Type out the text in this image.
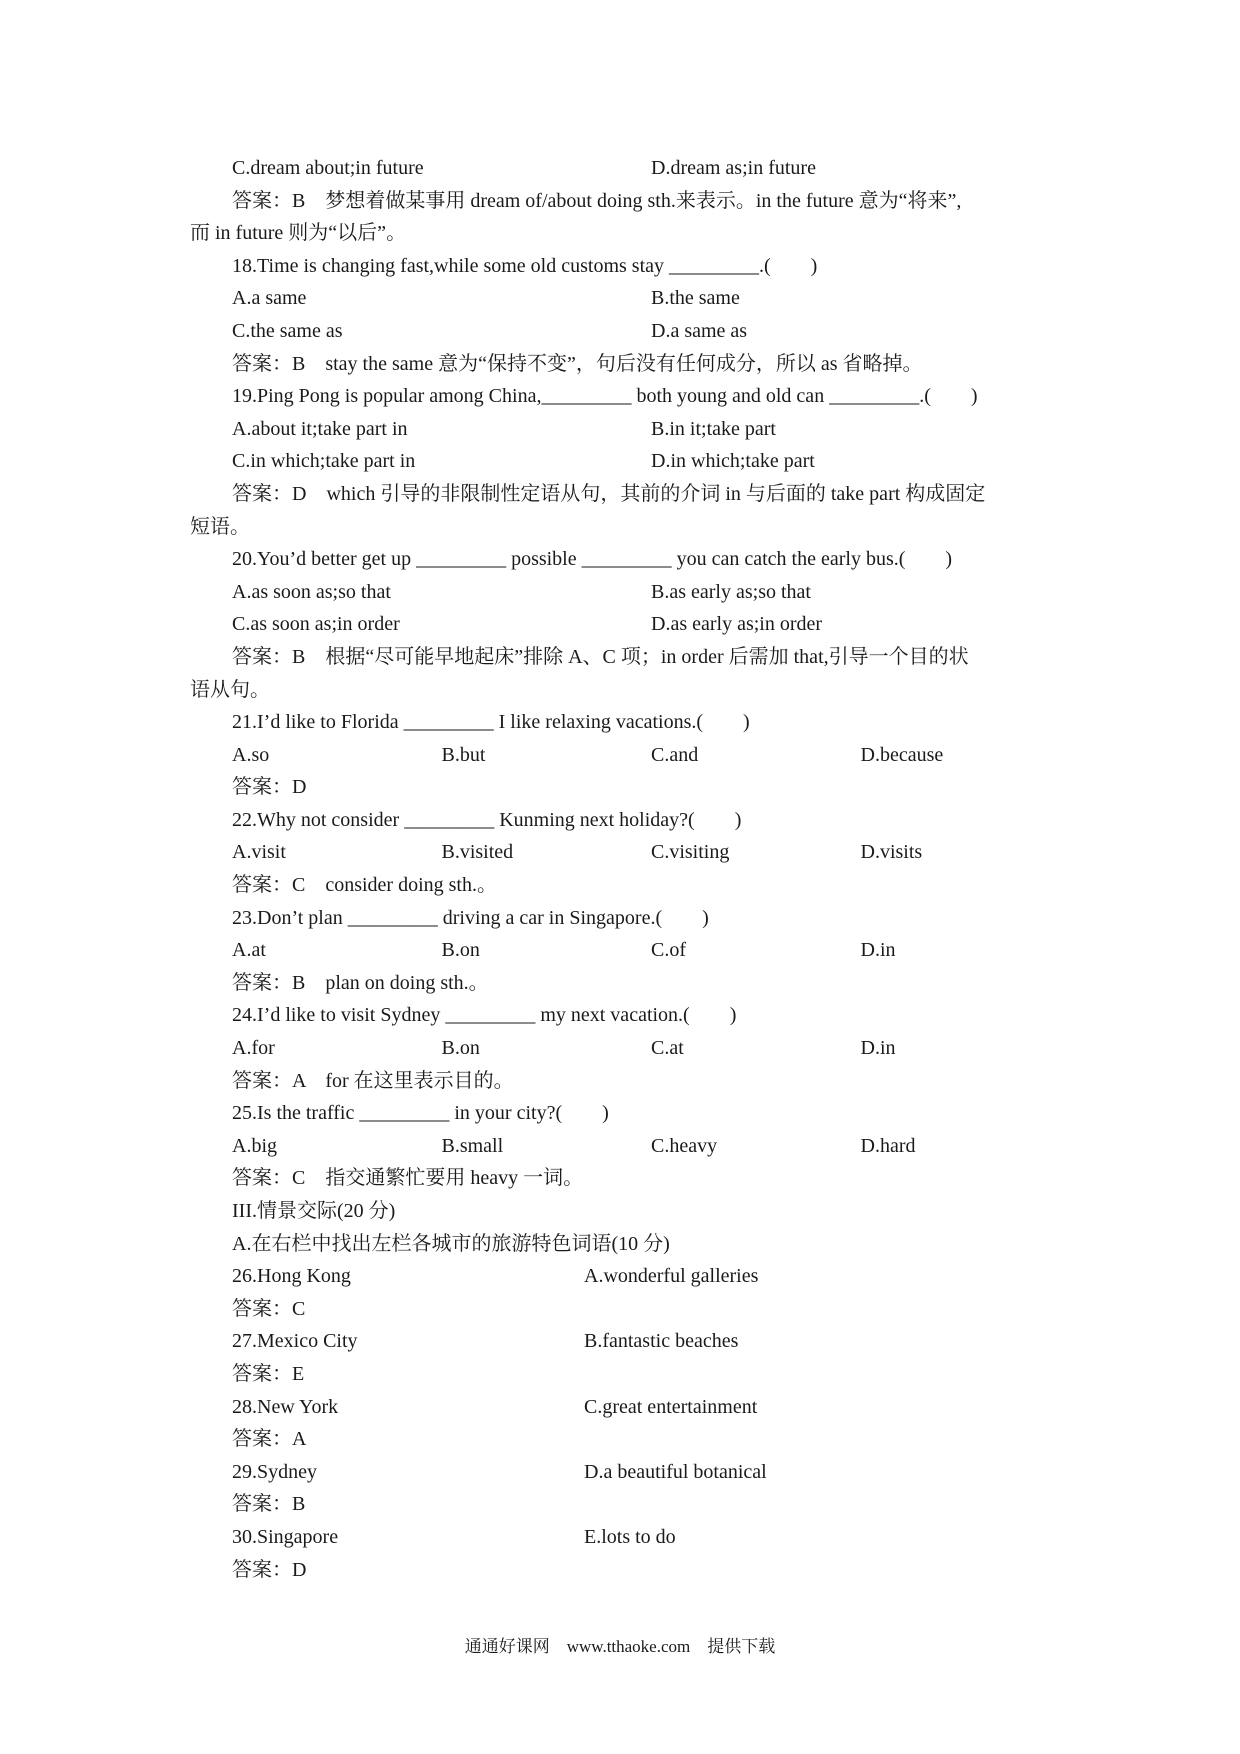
C.dream about;in future	D.dream as;in future
答案：B　梦想着做某事用 dream of/about doing sth.来表示。in the future 意为“将来”,
而 in future 则为“以后”。
18.Time is changing fast,while some old customs stay _________.(　　)
A.a same	B.the same
C.the same as	D.a same as
答案：B　stay the same 意为“保持不变”，句后没有任何成分，所以 as 省略掉。
19.Ping Pong is popular among China,_________ both young and old can _________.(　　)
A.about it;take part in	B.in it;take part
C.in which;take part in	D.in which;take part
答案：D　which 引导的非限制性定语从句，其前的介词 in 与后面的 take part 构成固定
短语。
20.You’d better get up _________ possible _________ you can catch the early bus.(　　)
A.as soon as;so that	B.as early as;so that
C.as soon as;in order	D.as early as;in order
答案：B　根据“尽可能早地起床”排除 A、C 项；in order 后需加 that,引导一个目的状
语从句。
21.I’d like to Florida _________ I like relaxing vacations.(　　)
A.so	B.but	C.and	D.because
答案：D
22.Why not consider _________ Kunming next holiday?(　　)
A.visit	B.visited	C.visiting	D.visits
答案：C　consider doing sth.。
23.Don’t plan _________ driving a car in Singapore.(　　)
A.at	B.on	C.of	D.in
答案：B　plan on doing sth.。
24.I’d like to visit Sydney _________ my next vacation.(　　)
A.for	B.on	C.at	D.in
答案：A　for 在这里表示目的。
25.Is the traffic _________ in your city?(　　)
A.big	B.small	C.heavy	D.hard
答案：C　指交通繁忙要用 heavy 一词。
III.情景交际(20 分)
A.在右栏中找出左栏各城市的旅游特色词语(10 分)
26.Hong Kong	A.wonderful galleries
答案：C
27.Mexico City	B.fantastic beaches
答案：E
28.New York	C.great entertainment
答案：A
29.Sydney	D.a beautiful botanical
答案：B
30.Singapore	E.lots to do
答案：D
通通好课网　www.tthaoke.com　提供下载
